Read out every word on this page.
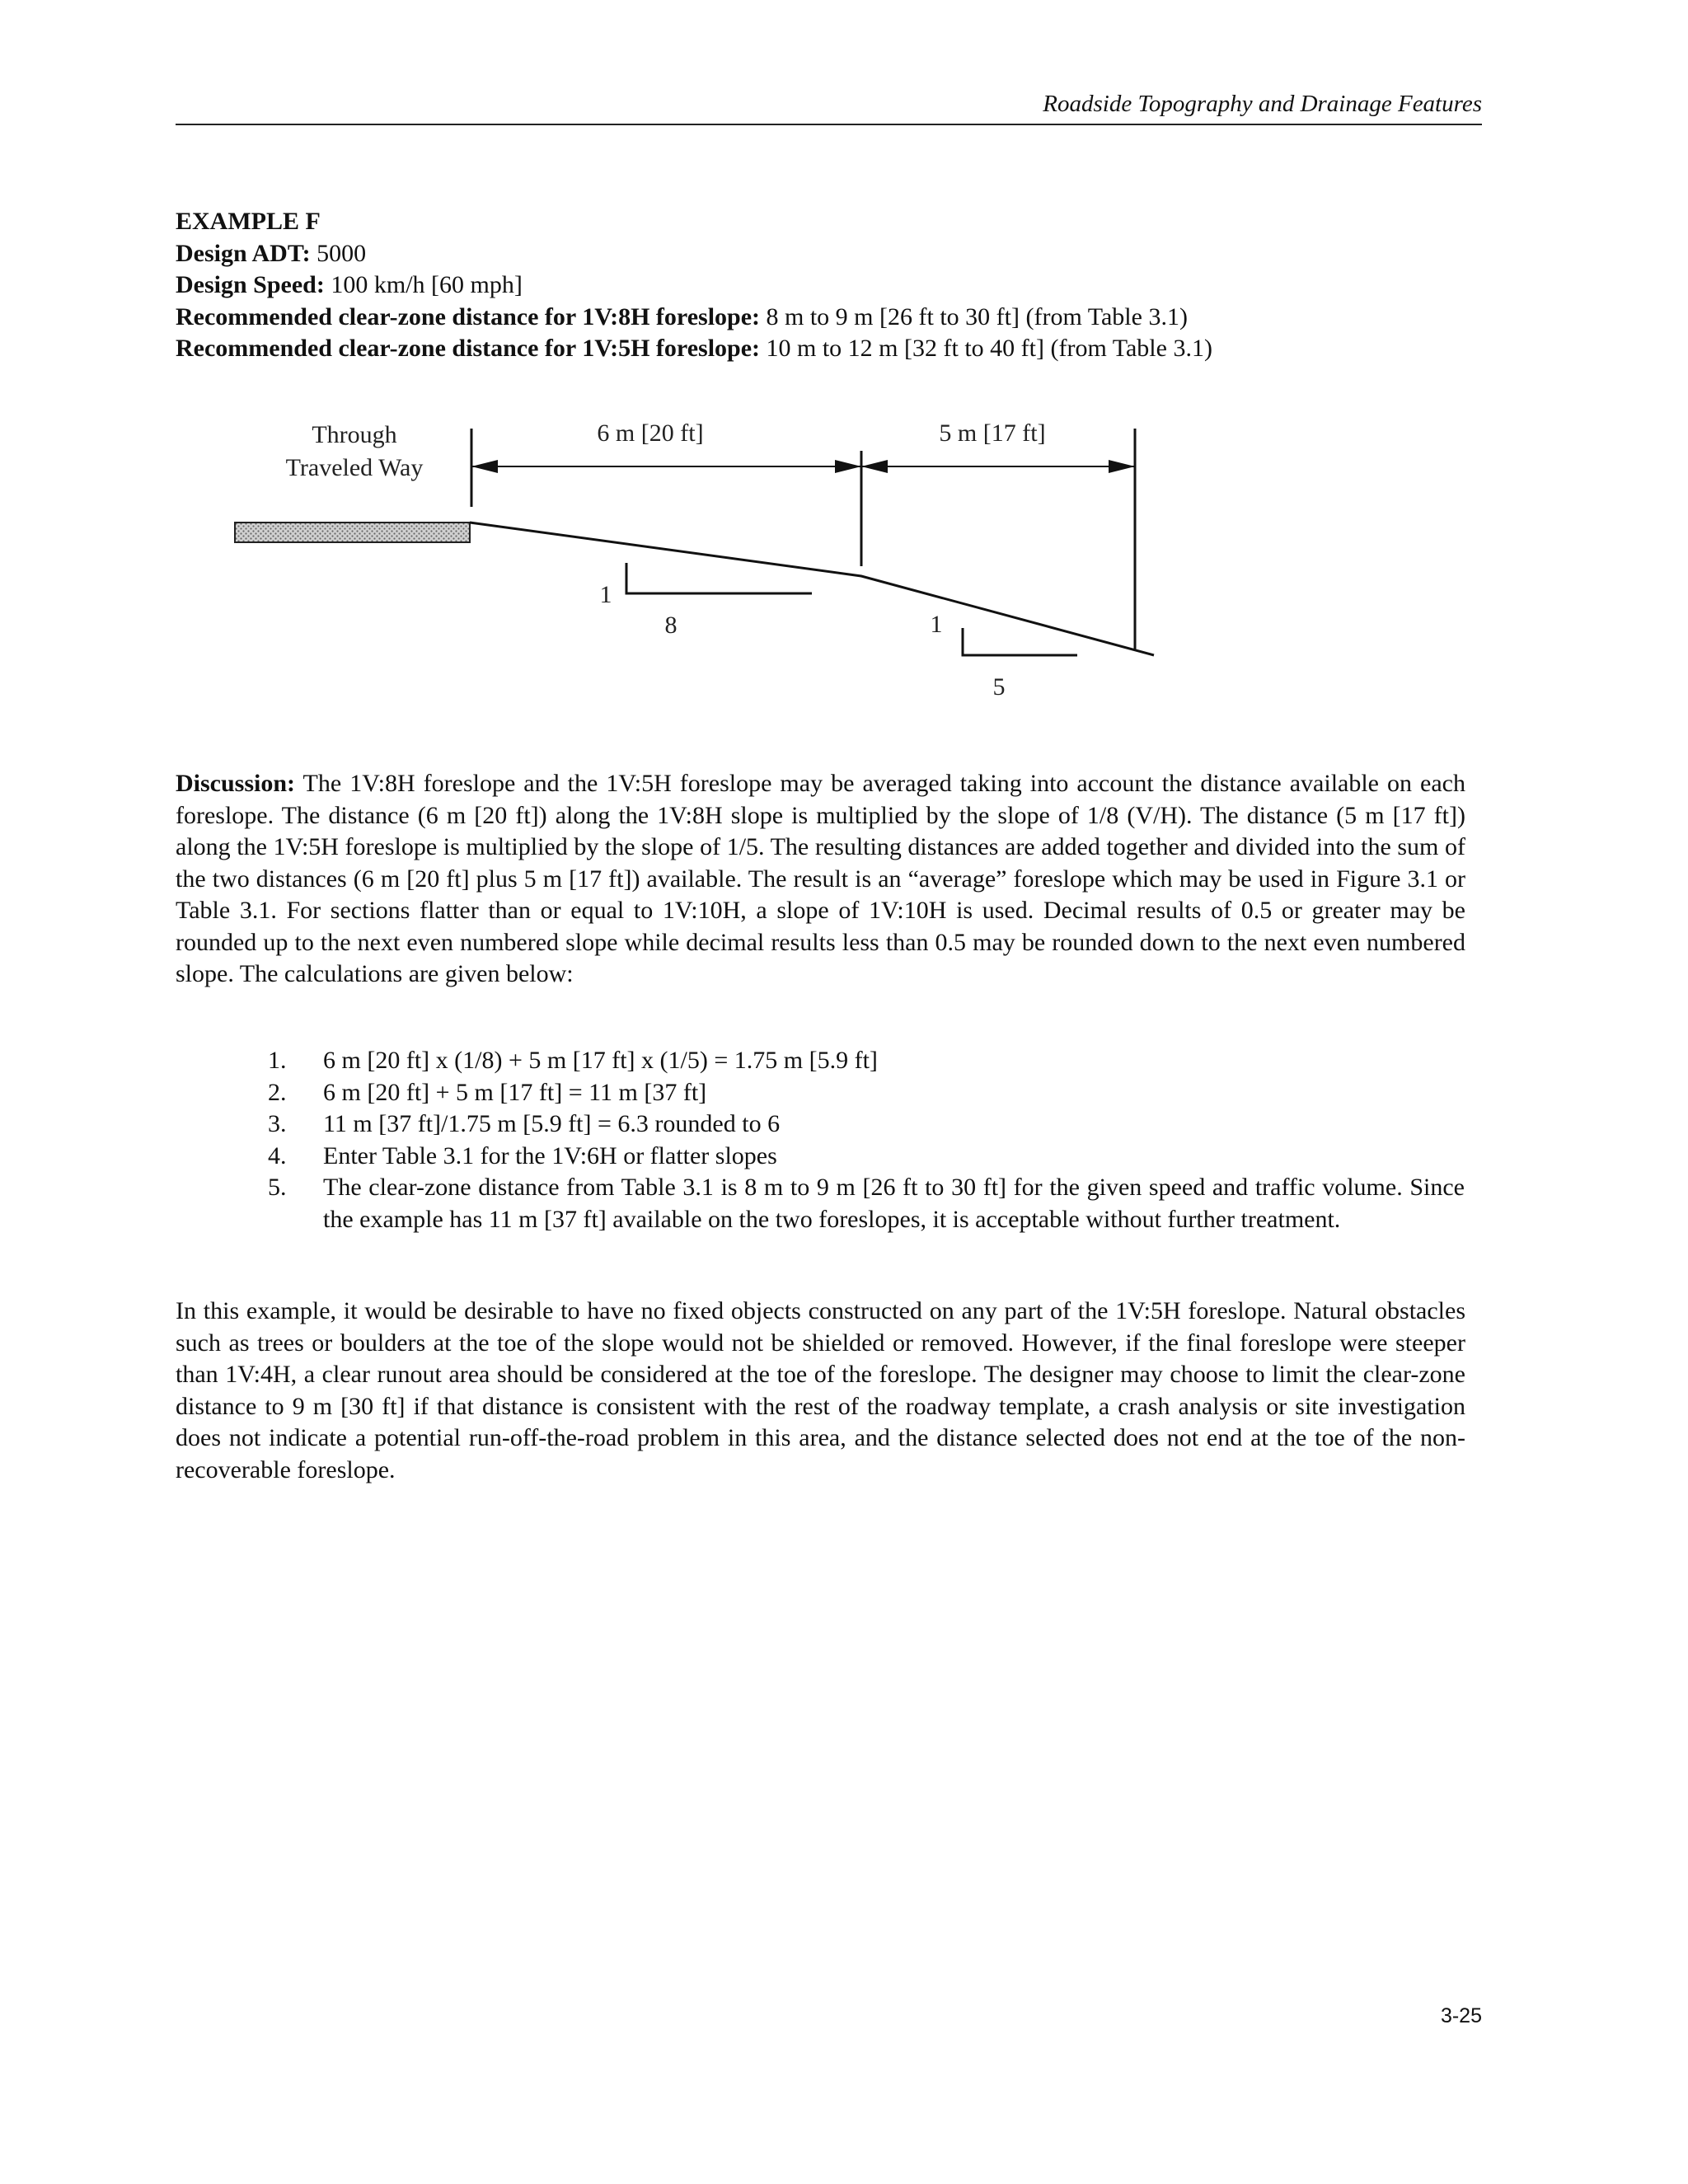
Roadside Topography and Drainage Features
EXAMPLE F
Design ADT: 5000
Design Speed: 100 km/h [60 mph]
Recommended clear-zone distance for 1V:8H foreslope: 8 m to 9 m [26 ft to 30 ft] (from Table 3.1)
Recommended clear-zone distance for 1V:5H foreslope: 10 m to 12 m [32 ft to 40 ft] (from Table 3.1)
Through
Traveled Way
6 m [20 ft]	5 m [17 ft]
1
8	1
5
Discussion: The 1V:8H foreslope and the 1V:5H foreslope may be averaged taking into account the distance available on each foreslope. The distance (6 m [20 ft]) along the 1V:8H slope is multiplied by the slope of 1/8 (V/H). The distance (5 m [17 ft]) along the 1V:5H foreslope is multiplied by the slope of 1/5. The resulting distances are added together and divided into the sum of the two distances (6 m [20 ft] plus 5 m [17 ft]) available. The result is an “average” foreslope which may be used in Figure 3.1 or Table 3.1. For sections flatter than or equal to 1V:10H, a slope of 1V:10H is used. Decimal results of 0.5 or greater may be rounded up to the next even numbered slope while decimal results less than 0.5 may be rounded down to the next even numbered slope. The calculations are given below:
1. 6 m [20 ft] x (1/8) + 5 m [17 ft] x (1/5) = 1.75 m [5.9 ft]
2. 6 m [20 ft] + 5 m [17 ft] = 11 m [37 ft]
3. 11 m [37 ft]/1.75 m [5.9 ft] = 6.3 rounded to 6
4. Enter Table 3.1 for the 1V:6H or flatter slopes
5. The clear-zone distance from Table 3.1 is 8 m to 9 m [26 ft to 30 ft] for the given speed and traffic volume. Since the example has 11 m [37 ft] available on the two foreslopes, it is acceptable without further treatment.
In this example, it would be desirable to have no fixed objects constructed on any part of the 1V:5H foreslope. Natural obstacles such as trees or boulders at the toe of the slope would not be shielded or removed. However, if the final foreslope were steeper than 1V:4H, a clear runout area should be considered at the toe of the foreslope. The designer may choose to limit the clear-zone distance to 9 m [30 ft] if that distance is consistent with the rest of the roadway template, a crash analysis or site investigation does not indicate a potential run-off-the-road problem in this area, and the distance selected does not end at the toe of the non-recoverable foreslope.
3-25
